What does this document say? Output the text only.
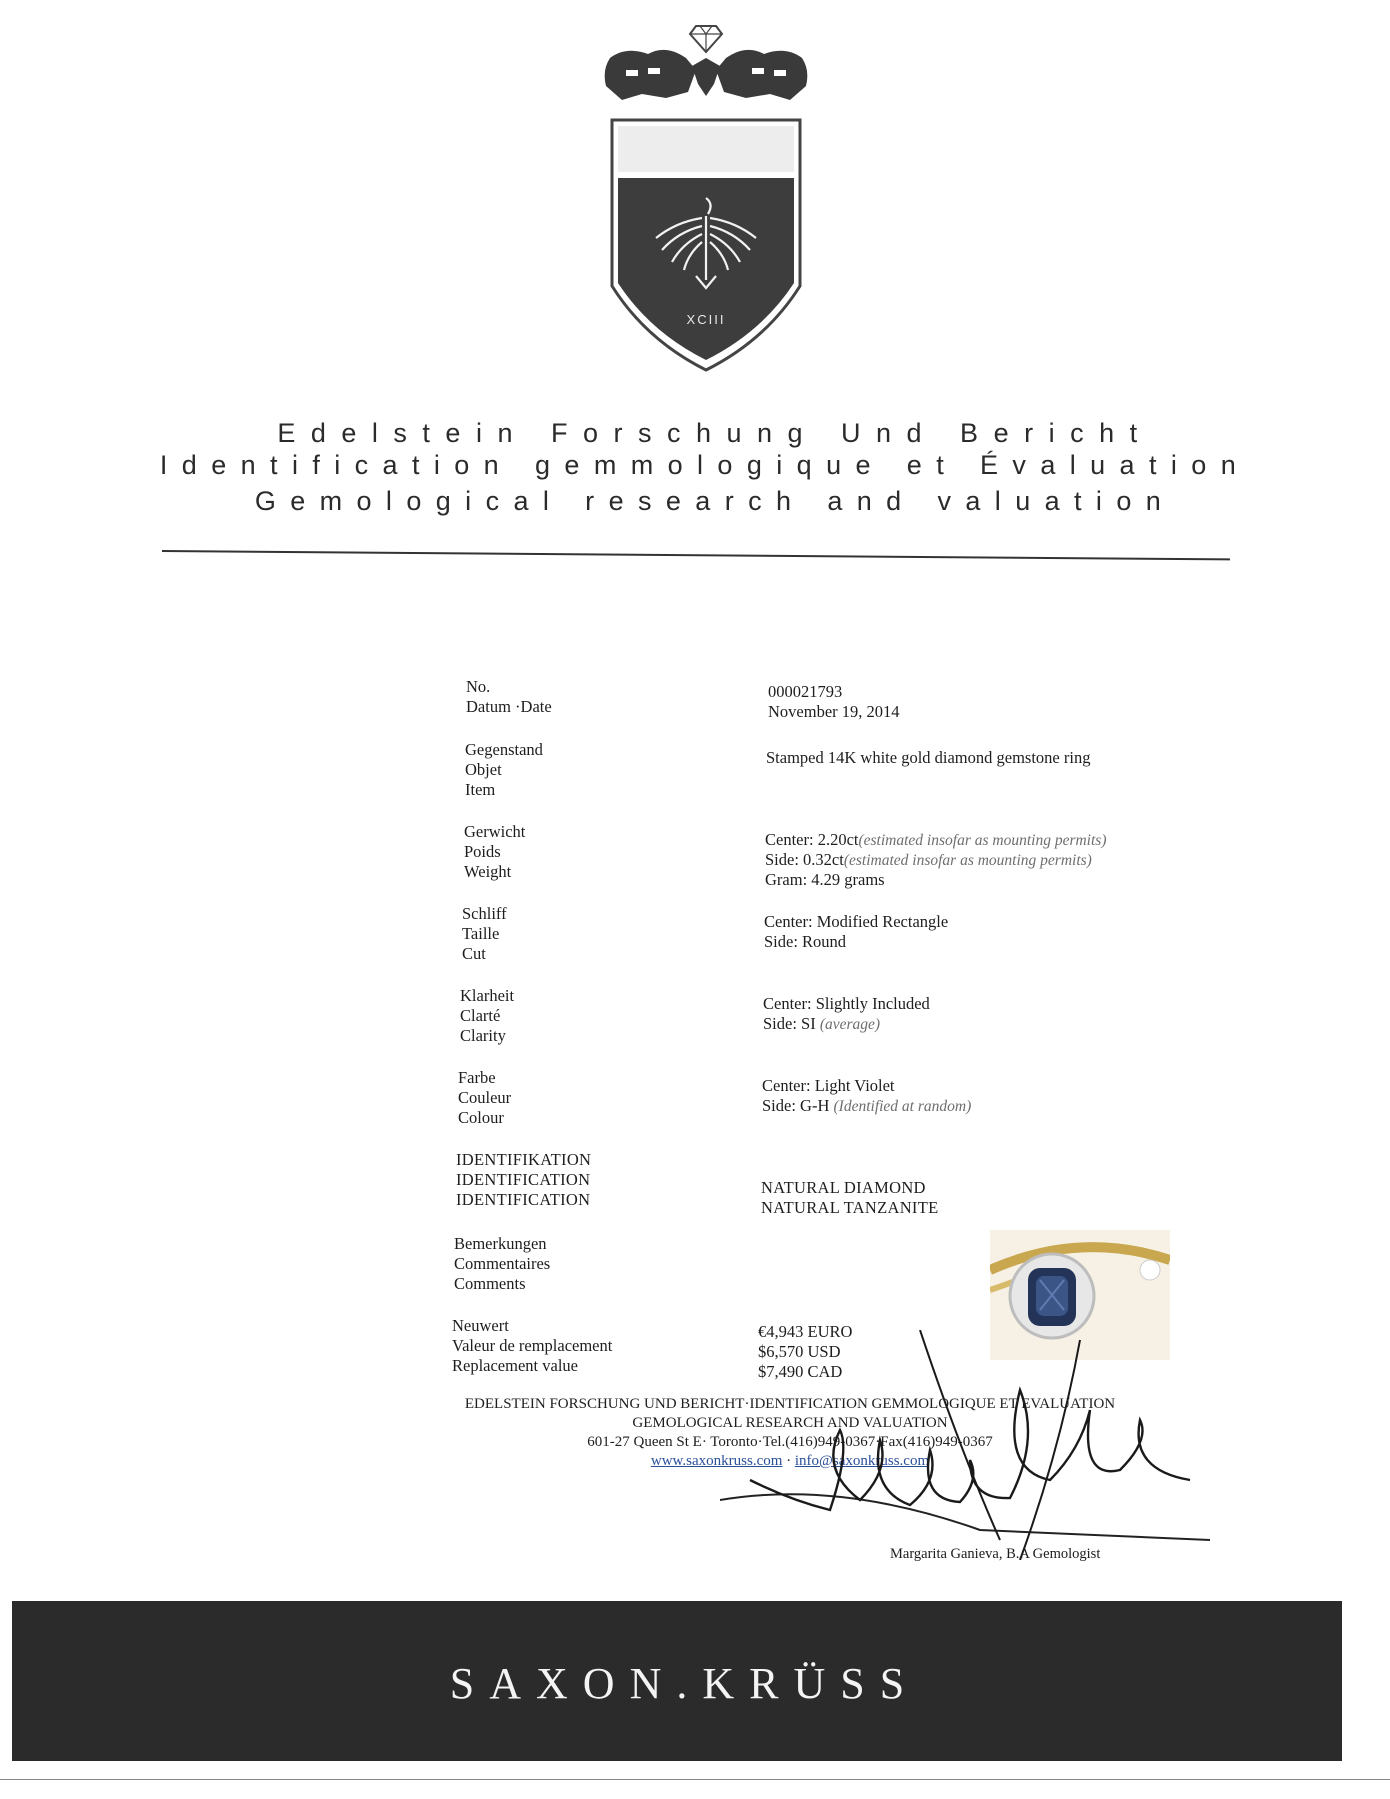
XCIII
Edelstein Forschung Und Bericht
Identification gemmologique et Évaluation
Gemological research and valuation
No.
Datum ·Date
000021793
November 19, 2014
Gegenstand
Objet
Item
Stamped 14K white gold diamond gemstone ring
Gerwicht
Poids
Weight
Center: 2.20ct(estimated insofar as mounting permits)
Side: 0.32ct(estimated insofar as mounting permits)
Gram: 4.29 grams
Schliff
Taille
Cut
Center: Modified Rectangle
Side: Round
Klarheit
Clarté
Clarity
Center: Slightly Included
Side: SI (average)
Farbe
Couleur
Colour
Center: Light Violet
Side: G-H (Identified at random)
IDENTIFIKATION
IDENTIFICATION
IDENTIFICATION
NATURAL DIAMOND
NATURAL TANZANITE
Bemerkungen
Commentaires
Comments
Neuwert
Valeur de remplacement
Replacement value
€4,943 EURO
$6,570 USD
$7,490 CAD
EDELSTEIN FORSCHUNG UND BERICHT·IDENTIFICATION GEMMOLOGIQUE ET EVALUATION
GEMOLOGICAL RESEARCH AND VALUATION
601-27 Queen St E· Toronto·Tel.(416)949-0367·Fax(416)949-0367
www.saxonkruss.com · info@saxonkruss.com
Margarita Ganieva, B.A Gemologist
SAXON.KRÜSS
